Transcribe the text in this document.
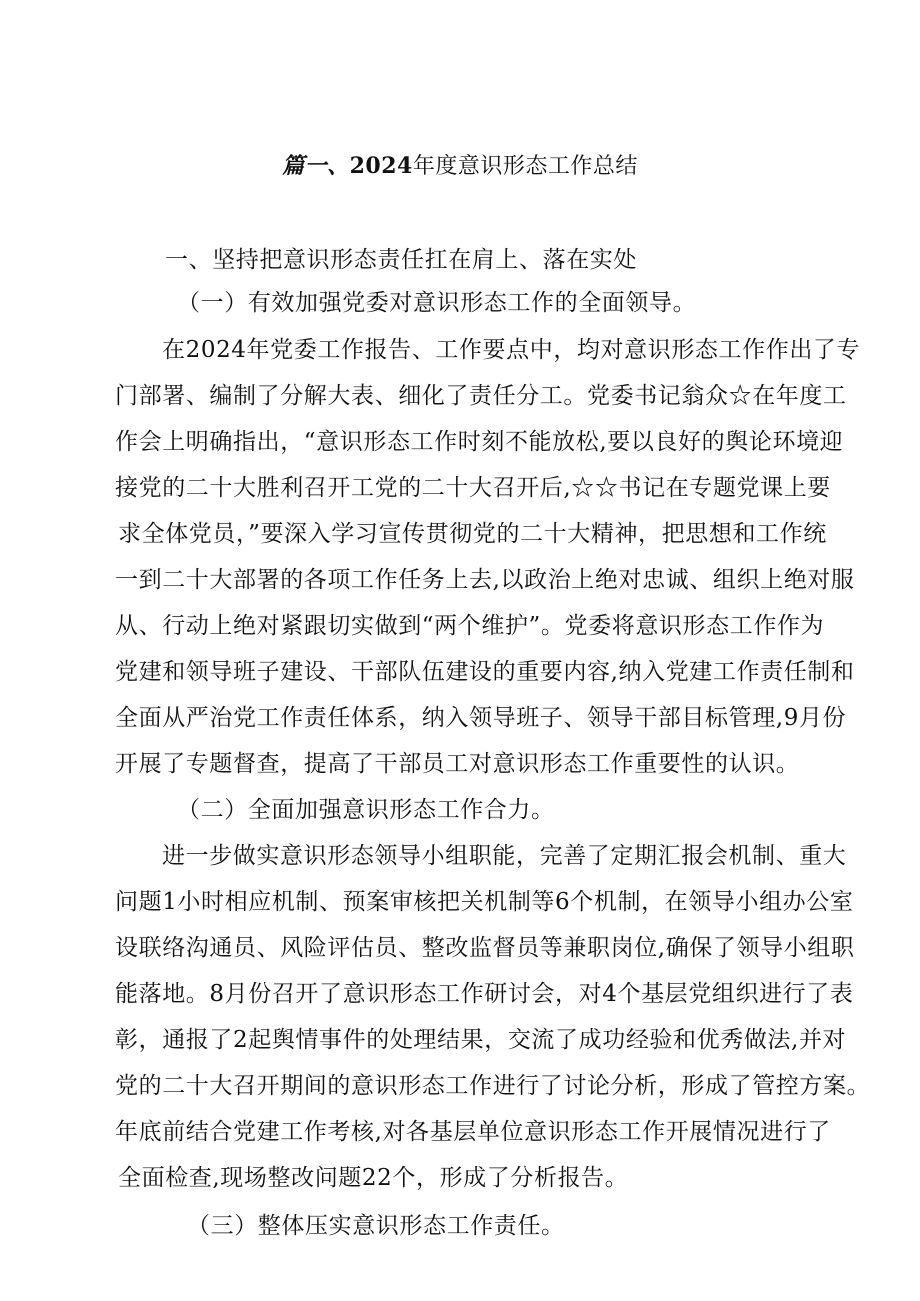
篇一、2024年度意识形态工作总结
一、坚持把意识形态责任扛在肩上、落在实处
（一）有效加强党委对意识形态工作的全面领导。
在2024年党委工作报告、工作要点中，均对意识形态工作作出了专
门部署、编制了分解大表、细化了责任分工。党委书记翁众☆在年度工
作会上明确指出，“意识形态工作时刻不能放松,要以良好的舆论环境迎
接党的二十大胜利召开工党的二十大召开后,☆☆书记在专题党课上要
求全体党员，”要深入学习宣传贯彻党的二十大精神，把思想和工作统
一到二十大部署的各项工作任务上去,以政治上绝对忠诚、组织上绝对服
从、行动上绝对紧跟切实做到“两个维护”。党委将意识形态工作作为
党建和领导班子建设、干部队伍建设的重要内容,纳入党建工作责任制和
全面从严治党工作责任体系，纳入领导班子、领导干部目标管理,9月份
开展了专题督查，提高了干部员工对意识形态工作重要性的认识。
（二）全面加强意识形态工作合力。
进一步做实意识形态领导小组职能，完善了定期汇报会机制、重大
问题1小时相应机制、预案审核把关机制等6个机制，在领导小组办公室
设联络沟通员、风险评估员、整改监督员等兼职岗位,确保了领导小组职
能落地。8月份召开了意识形态工作研讨会，对4个基层党组织进行了表
彰，通报了2起舆情事件的处理结果，交流了成功经验和优秀做法,并对
党的二十大召开期间的意识形态工作进行了讨论分析，形成了管控方案。
年底前结合党建工作考核,对各基层单位意识形态工作开展情况进行了
全面检查,现场整改问题22个，形成了分析报告。
（三）整体压实意识形态工作责任。
